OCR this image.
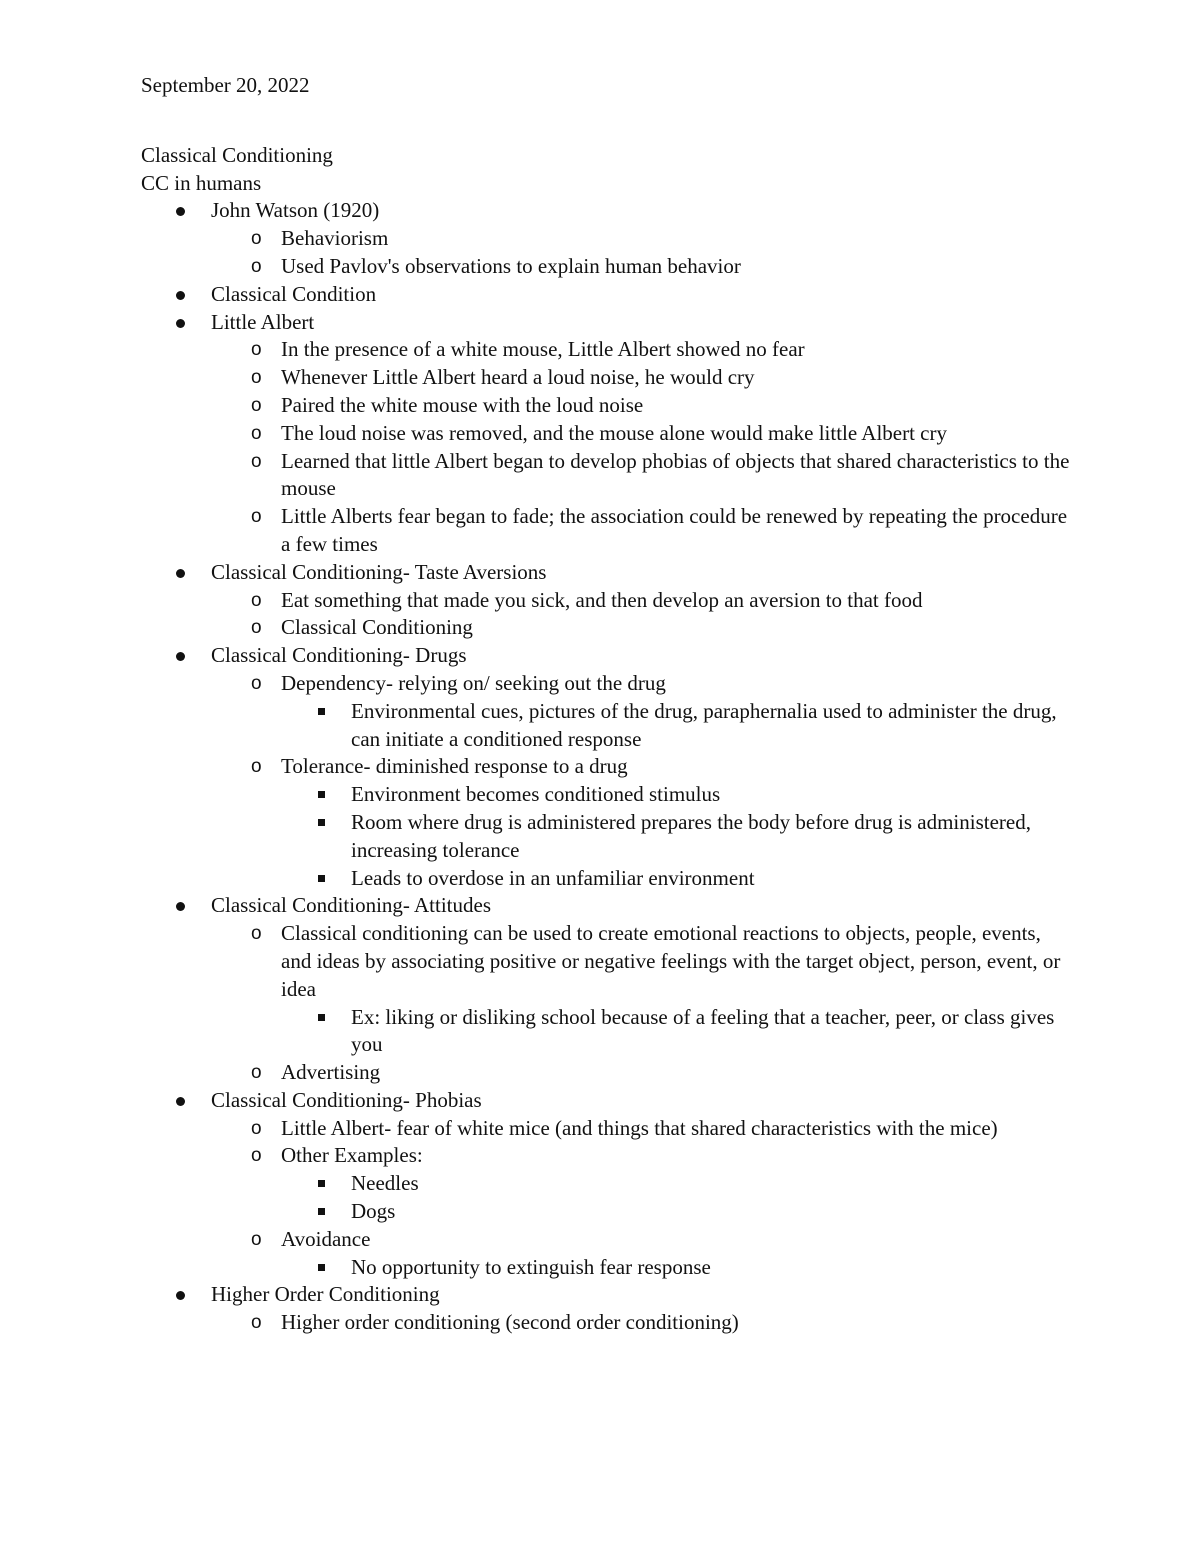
September 20, 2022

Classical Conditioning

CC in humans

John Watson (1920)
o Behaviorism
o Used Pavlov's observations to explain human behavior
Classical Condition
Little Albert
o In the presence of a white mouse, Little Albert showed no fear
o Whenever Little Albert heard a loud noise, he would cry
o Paired the white mouse with the loud noise
o The loud noise was removed, and the mouse alone would make little Albert cry
o Learned that little Albert began to develop phobias of objects that shared characteristics to the mouse
o Little Alberts fear began to fade; the association could be renewed by repeating the procedure a few times
Classical Conditioning- Taste Aversions
o Eat something that made you sick, and then develop an aversion to that food
o Classical Conditioning
Classical Conditioning- Drugs
o Dependency- relying on/ seeking out the drug
Environmental cues, pictures of the drug, paraphernalia used to administer the drug, can initiate a conditioned response
o Tolerance- diminished response to a drug
Environment becomes conditioned stimulus
Room where drug is administered prepares the body before drug is administered, increasing tolerance
Leads to overdose in an unfamiliar environment
Classical Conditioning- Attitudes
o Classical conditioning can be used to create emotional reactions to objects, people, events, and ideas by associating positive or negative feelings with the target object, person, event, or idea
Ex: liking or disliking school because of a feeling that a teacher, peer, or class gives you
o Advertising
Classical Conditioning- Phobias
o Little Albert- fear of white mice (and things that shared characteristics with the mice)
o Other Examples:
Needles
Dogs
o Avoidance
No opportunity to extinguish fear response
Higher Order Conditioning
o Higher order conditioning (second order conditioning)
